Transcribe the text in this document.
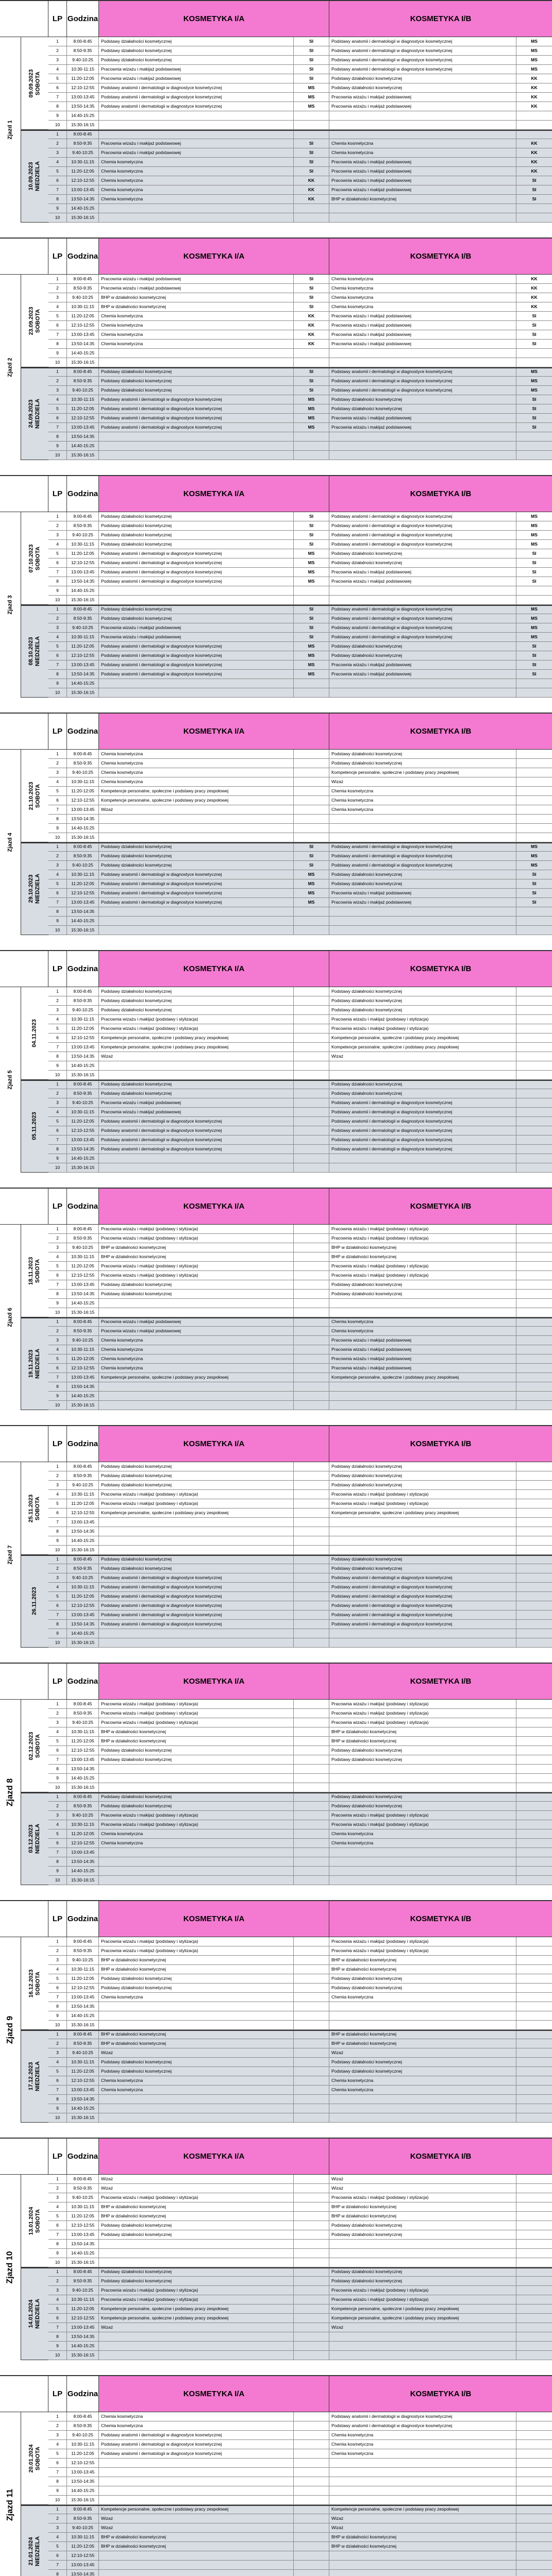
LP Godzina	KOSMETYKA I/A	KOSMETYKA I/B
Zjazd 1
09.09.2023 SOBOTA
1	8:00-8:45	Podstawy działalności kosmetycznej	SI	Podstawy anatomii i dermatologii w diagnostyce kosmetycznej	MS
2	8:50-9:35	Podstawy działalności kosmetycznej	SI	Podstawy anatomii i dermatologii w diagnostyce kosmetycznej	MS
3	9:40-10:25	Podstawy działalności kosmetycznej	SI	Podstawy anatomii i dermatologii w diagnostyce kosmetycznej	MS
4	10:30-11:15	Pracownia wizażu i makijaż podstawowej	SI	Podstawy anatomii i dermatologii w diagnostyce kosmetycznej	MS
5	11:20-12:05	Pracownia wizażu i makijaż podstawowej	SI	Podstawy działalności kosmetycznej	KK
6	12:10-12:55	Podstawy anatomii i dermatologii w diagnostyce kosmetycznej	MS	Podstawy działalności kosmetycznej	KK
7	13:00-13:45	Podstawy anatomii i dermatologii w diagnostyce kosmetycznej	MS	Pracownia wizażu i makijaż podstawowej	KK
8	13:50-14:35	Podstawy anatomii i dermatologii w diagnostyce kosmetycznej	MS	Pracownia wizażu i makijaż podstawowej	KK
9	14:40-15:25
10	15:30-16:15
10.09.2023 NIEDZIELA
1	8:00-8:45
2	8:50-9:35	Pracownia wizażu i makijaż podstawowej	SI	Chemia kosmetyczna	KK
3	9:40-10:25	Pracownia wizażu i makijaż podstawowej	SI	Chemia kosmetyczna	KK
4	10:30-11:15	Chemia kosmetyczna	SI	Pracownia wizażu i makijaż podstawowej	KK
5	11:20-12:05	Chemia kosmetyczna	SI	Pracownia wizażu i makijaż podstawowej	KK
6	12:10-12:55	Chemia kosmetyczna	KK	Pracownia wizażu i makijaż podstawowej	SI
7	13:00-13:45	Chemia kosmetyczna	KK	Pracownia wizażu i makijaż podstawowej	SI
8	13:50-14:35	Chemia kosmetyczna	KK	BHP w działalności kosmetycznej	SI
9	14:40-15:25
10	15:30-16:15
LP Godzina	KOSMETYKA I/A	KOSMETYKA I/B
Zjazd 2
23.09.2023 SOBOTA
1	8:00-8:45	Pracownia wizażu i makijaż podstawowej	SI	Chemia kosmetyczna	KK
2	8:50-9:35	Pracownia wizażu i makijaż podstawowej	SI	Chemia kosmetyczna	KK
3	9:40-10:25	BHP w działalności kosmetycznej	SI	Chemia kosmetyczna	KK
4	10:30-11:15	BHP w działalności kosmetycznej	SI	Chemia kosmetyczna	KK
5	11:20-12:05	Chemia kosmetyczna	KK	Pracownia wizażu i makijaż podstawowej	SI
6	12:10-12:55	Chemia kosmetyczna	KK	Pracownia wizażu i makijaż podstawowej	SI
7	13:00-13:45	Chemia kosmetyczna	KK	Pracownia wizażu i makijaż podstawowej	SI
8	13:50-14:35	Chemia kosmetyczna	KK	Pracownia wizażu i makijaż podstawowej	SI
9	14:40-15:25
10	15:30-16:15
24.09.2023 NIEDZIELA
1	8:00-8:45	Podstawy działalności kosmetycznej	SI	Podstawy anatomii i dermatologii w diagnostyce kosmetycznej	MS
2	8:50-9:35	Podstawy działalności kosmetycznej	SI	Podstawy anatomii i dermatologii w diagnostyce kosmetycznej	MS
3	9:40-10:25	Podstawy działalności kosmetycznej	SI	Podstawy anatomii i dermatologii w diagnostyce kosmetycznej	MS
4	10:30-11:15	Podstawy anatomii i dermatologii w diagnostyce kosmetycznej	MS	Podstawy działalności kosmetycznej	SI
5	11:20-12:05	Podstawy anatomii i dermatologii w diagnostyce kosmetycznej	MS	Podstawy działalności kosmetycznej	SI
6	12:10-12:55	Podstawy anatomii i dermatologii w diagnostyce kosmetycznej	MS	Pracownia wizażu i makijaż podstawowej	SI
7	13:00-13:45	Podstawy anatomii i dermatologii w diagnostyce kosmetycznej	MS	Pracownia wizażu i makijaż podstawowej	SI
8	13:50-14:35
9	14:40-15:25
10	15:30-16:15
LP Godzina	KOSMETYKA I/A	KOSMETYKA I/B
Zjazd 3
07.10.2023 SOBOTA
1	8:00-8:45	Podstawy działalności kosmetycznej	SI	Podstawy anatomii i dermatologii w diagnostyce kosmetycznej	MS
2	8:50-9:35	Podstawy działalności kosmetycznej	SI	Podstawy anatomii i dermatologii w diagnostyce kosmetycznej	MS
3	9:40-10:25	Podstawy działalności kosmetycznej	SI	Podstawy anatomii i dermatologii w diagnostyce kosmetycznej	MS
4	10:30-11:15	Podstawy działalności kosmetycznej	SI	Podstawy anatomii i dermatologii w diagnostyce kosmetycznej	MS
5	11:20-12:05	Podstawy anatomii i dermatologii w diagnostyce kosmetycznej	MS	Podstawy działalności kosmetycznej	SI
6	12:10-12:55	Podstawy anatomii i dermatologii w diagnostyce kosmetycznej	MS	Podstawy działalności kosmetycznej	SI
7	13:00-13:45	Podstawy anatomii i dermatologii w diagnostyce kosmetycznej	MS	Pracownia wizażu i makijaż podstawowej	SI
8	13:50-14:35	Podstawy anatomii i dermatologii w diagnostyce kosmetycznej	MS	Pracownia wizażu i makijaż podstawowej	SI
9	14:40-15:25
10	15:30-16:15
08.10.2023 NIEDZIELA
1	8:00-8:45	Podstawy działalności kosmetycznej	SI	Podstawy anatomii i dermatologii w diagnostyce kosmetycznej	MS
2	8:50-9:35	Podstawy działalności kosmetycznej	SI	Podstawy anatomii i dermatologii w diagnostyce kosmetycznej	MS
3	9:40-10:25	Pracownia wizażu i makijaż podstawowej	SI	Podstawy anatomii i dermatologii w diagnostyce kosmetycznej	MS
4	10:30-11:15	Pracownia wizażu i makijaż podstawowej	SI	Podstawy anatomii i dermatologii w diagnostyce kosmetycznej	MS
5	11:20-12:05	Podstawy anatomii i dermatologii w diagnostyce kosmetycznej	MS	Podstawy działalności kosmetycznej	SI
6	12:10-12:55	Podstawy anatomii i dermatologii w diagnostyce kosmetycznej	MS	Podstawy działalności kosmetycznej	SI
7	13:00-13:45	Podstawy anatomii i dermatologii w diagnostyce kosmetycznej	MS	Pracownia wizażu i makijaż podstawowej	SI
8	13:50-14:35	Podstawy anatomii i dermatologii w diagnostyce kosmetycznej	MS	Pracownia wizażu i makijaż podstawowej	SI
9	14:40-15:25
10	15:30-16:15
LP Godzina	KOSMETYKA I/A	KOSMETYKA I/B
Zjazd 4
21.10.2023 SOBOTA
1	8:00-8:45	Chemia kosmetyczna	Podstawy działalności kosmetycznej
2	8:50-9:35	Chemia kosmetyczna	Podstawy działalności kosmetycznej
3	9:40-10:25	Chemia kosmetyczna	Kompetencje personalne, społeczne i podstawy pracy zespołowej
4	10:30-11:15	Chemia kosmetyczna	Wizaż
5	11:20-12:05	Kompetencje personalne, społeczne i podstawy pracy zespołowej	Chemia kosmetyczna
6	12:10-12:55	Kompetencje personalne, społeczne i podstawy pracy zespołowej	Chemia kosmetyczna
7	13:00-13:45	Wizaż	Chemia kosmetyczna
8	13:50-14:35
9	14:40-15:25
10	15:30-16:15
29.10.2023 NIEDZIELA
1	8:00-8:45	Podstawy działalności kosmetycznej	SI	Podstawy anatomii i dermatologii w diagnostyce kosmetycznej	MS
2	8:50-9:35	Podstawy działalności kosmetycznej	SI	Podstawy anatomii i dermatologii w diagnostyce kosmetycznej	MS
3	9:40-10:25	Podstawy działalności kosmetycznej	SI	Podstawy anatomii i dermatologii w diagnostyce kosmetycznej	MS
4	10:30-11:15	Podstawy anatomii i dermatologii w diagnostyce kosmetycznej	MS	Podstawy działalności kosmetycznej	SI
5	11:20-12:05	Podstawy anatomii i dermatologii w diagnostyce kosmetycznej	MS	Podstawy działalności kosmetycznej	SI
6	12:10-12:55	Podstawy anatomii i dermatologii w diagnostyce kosmetycznej	MS	Pracownia wizażu i makijaż podstawowej	SI
7	13:00-13:45	Podstawy anatomii i dermatologii w diagnostyce kosmetycznej	MS	Pracownia wizażu i makijaż podstawowej	SI
8	13:50-14:35
9	14:40-15:25
10	15:30-16:15
LP Godzina	KOSMETYKA I/A	KOSMETYKA I/B
Zjazd 5
04.11.2023
1	8:00-8:45	Podstawy działalności kosmetycznej	Podstawy działalności kosmetycznej
2	8:50-9:35	Podstawy działalności kosmetycznej	Podstawy działalności kosmetycznej
3	9:40-10:25	Podstawy działalności kosmetycznej	Podstawy działalności kosmetycznej
4	10:30-11:15	Pracownia wizażu i makijaż (podstawy i stylizacja)	Pracownia wizażu i makijaż (podstawy i stylizacja)
5	11:20-12:05	Pracownia wizażu i makijaż (podstawy i stylizacja)	Pracownia wizażu i makijaż (podstawy i stylizacja)
6	12:10-12:55	Kompetencje personalne, społeczne i podstawy pracy zespołowej	Kompetencje personalne, społeczne i podstawy pracy zespołowej
7	13:00-13:45	Kompetencje personalne, społeczne i podstawy pracy zespołowej	Kompetencje personalne, społeczne i podstawy pracy zespołowej
8	13:50-14:35	Wizaż	Wizaż
9	14:40-15:25
10	15:30-16:15
05.11.2023
1	8:00-8:45	Podstawy działalności kosmetycznej	Podstawy działalności kosmetycznej
2	8:50-9:35	Podstawy działalności kosmetycznej	Podstawy działalności kosmetycznej
3	9:40-10:25	Pracownia wizażu i makijaż podstawowej	Podstawy anatomii i dermatologii w diagnostyce kosmetycznej
4	10:30-11:15	Pracownia wizażu i makijaż podstawowej	Podstawy anatomii i dermatologii w diagnostyce kosmetycznej
5	11:20-12:05	Podstawy anatomii i dermatologii w diagnostyce kosmetycznej	Podstawy anatomii i dermatologii w diagnostyce kosmetycznej
6	12:10-12:55	Podstawy anatomii i dermatologii w diagnostyce kosmetycznej	Podstawy anatomii i dermatologii w diagnostyce kosmetycznej
7	13:00-13:45	Podstawy anatomii i dermatologii w diagnostyce kosmetycznej	Podstawy anatomii i dermatologii w diagnostyce kosmetycznej
8	13:50-14:35	Podstawy anatomii i dermatologii w diagnostyce kosmetycznej	Podstawy anatomii i dermatologii w diagnostyce kosmetycznej
9	14:40-15:25
10	15:30-16:15
LP Godzina	KOSMETYKA I/A	KOSMETYKA I/B
Zjazd 6
18.11.2023 SOBOTA
1	8:00-8:45	Pracownia wizażu i makijaż (podstawy i stylizacja)	Pracownia wizażu i makijaż (podstawy i stylizacja)
2	8:50-9:35	Pracownia wizażu i makijaż (podstawy i stylizacja)	Pracownia wizażu i makijaż (podstawy i stylizacja)
3	9:40-10:25	BHP w działalności kosmetycznej	BHP w działalności kosmetycznej
4	10:30-11:15	BHP w działalności kosmetycznej	BHP w działalności kosmetycznej
5	11:20-12:05	Pracownia wizażu i makijaż (podstawy i stylizacja)	Pracownia wizażu i makijaż (podstawy i stylizacja)
6	12:10-12:55	Pracownia wizażu i makijaż (podstawy i stylizacja)	Pracownia wizażu i makijaż (podstawy i stylizacja)
7	13:00-13:45	Podstawy działalności kosmetycznej	Podstawy działalności kosmetycznej
8	13:50-14:35	Podstawy działalności kosmetycznej	Podstawy działalności kosmetycznej
9	14:40-15:25
10	15:30-16:15
19.11.2023 NIEDZIELA
1	8:00-8:45	Pracownia wizażu i makijaż podstawowej	Chemia kosmetyczna
2	8:50-9:35	Pracownia wizażu i makijaż podstawowej	Chemia kosmetyczna
3	9:40-10:25	Chemia kosmetyczna	Pracownia wizażu i makijaż podstawowej
4	10:30-11:15	Chemia kosmetyczna	Pracownia wizażu i makijaż podstawowej
5	11:20-12:05	Chemia kosmetyczna	Pracownia wizażu i makijaż podstawowej
6	12:10-12:55	Chemia kosmetyczna	Pracownia wizażu i makijaż podstawowej
7	13:00-13:45	Kompetencje personalne, społeczne i podstawy pracy zespołowej	Kompetencje personalne, społeczne i podstawy pracy zespołowej
8	13:50-14:35
9	14:40-15:25
10	15:30-16:15
LP Godzina	KOSMETYKA I/A	KOSMETYKA I/B
Zjazd 7
25.11.2023 SOBOTA
1	8:00-8:45	Podstawy działalności kosmetycznej	Podstawy działalności kosmetycznej
2	8:50-9:35	Podstawy działalności kosmetycznej	Podstawy działalności kosmetycznej
3	9:40-10:25	Podstawy działalności kosmetycznej	Podstawy działalności kosmetycznej
4	10:30-11:15	Pracownia wizażu i makijaż (podstawy i stylizacja)	Pracownia wizażu i makijaż (podstawy i stylizacja)
5	11:20-12:05	Pracownia wizażu i makijaż (podstawy i stylizacja)	Pracownia wizażu i makijaż (podstawy i stylizacja)
6	12:10-12:55	Kompetencje personalne, społeczne i podstawy pracy zespołowej	Kompetencje personalne, społeczne i podstawy pracy zespołowej
7	13:00-13:45
8	13:50-14:35
9	14:40-15:25
10	15:30-16:15
26.11.2023
1	8:00-8:45	Podstawy działalności kosmetycznej	Podstawy działalności kosmetycznej
2	8:50-9:35	Podstawy działalności kosmetycznej	Podstawy działalności kosmetycznej
3	9:40-10:25	Podstawy anatomii i dermatologii w diagnostyce kosmetycznej	Podstawy anatomii i dermatologii w diagnostyce kosmetycznej
4	10:30-11:15	Podstawy anatomii i dermatologii w diagnostyce kosmetycznej	Podstawy anatomii i dermatologii w diagnostyce kosmetycznej
5	11:20-12:05	Podstawy anatomii i dermatologii w diagnostyce kosmetycznej	Podstawy anatomii i dermatologii w diagnostyce kosmetycznej
6	12:10-12:55	Podstawy anatomii i dermatologii w diagnostyce kosmetycznej	Podstawy anatomii i dermatologii w diagnostyce kosmetycznej
7	13:00-13:45	Podstawy anatomii i dermatologii w diagnostyce kosmetycznej	Podstawy anatomii i dermatologii w diagnostyce kosmetycznej
8	13:50-14:35	Podstawy anatomii i dermatologii w diagnostyce kosmetycznej	Podstawy anatomii i dermatologii w diagnostyce kosmetycznej
9	14:40-15:25
10	15:30-16:15
LP Godzina	KOSMETYKA I/A	KOSMETYKA I/B
Zjazd 8
02.12.2023 SOBOTA
1	8:00-8:45	Pracownia wizażu i makijaż (podstawy i stylizacja)	Pracownia wizażu i makijaż (podstawy i stylizacja)
2	8:50-9:35	Pracownia wizażu i makijaż (podstawy i stylizacja)	Pracownia wizażu i makijaż (podstawy i stylizacja)
3	9:40-10:25	Pracownia wizażu i makijaż (podstawy i stylizacja)	Pracownia wizażu i makijaż (podstawy i stylizacja)
4	10:30-11:15	BHP w działalności kosmetycznej	BHP w działalności kosmetycznej
5	11:20-12:05	BHP w działalności kosmetycznej	BHP w działalności kosmetycznej
6	12:10-12:55	Podstawy działalności kosmetycznej	Podstawy działalności kosmetycznej
7	13:00-13:45	Podstawy działalności kosmetycznej	Podstawy działalności kosmetycznej
8	13:50-14:35
9	14:40-15:25
10	15:30-16:15
03.12.2023 NIEDZIELA
1	8:00-8:45	Podstawy działalności kosmetycznej	Podstawy działalności kosmetycznej
2	8:50-9:35	Podstawy działalności kosmetycznej	Podstawy działalności kosmetycznej
3	9:40-10:25	Pracownia wizażu i makijaż (podstawy i stylizacja)	Pracownia wizażu i makijaż (podstawy i stylizacja)
4	10:30-11:15	Pracownia wizażu i makijaż (podstawy i stylizacja)	Pracownia wizażu i makijaż (podstawy i stylizacja)
5	11:20-12:05	Chemia kosmetyczna	Chemia kosmetyczna
6	12:10-12:55	Chemia kosmetyczna	Chemia kosmetyczna
7	13:00-13:45
8	13:50-14:35
9	14:40-15:25
10	15:30-16:15
LP Godzina	KOSMETYKA I/A	KOSMETYKA I/B
Zjazd 9
16.12.2023 SOBOTA
1	8:00-8:45	Pracownia wizażu i makijaż (podstawy i stylizacja)	Pracownia wizażu i makijaż (podstawy i stylizacja)
2	8:50-9:35	Pracownia wizażu i makijaż (podstawy i stylizacja)	Pracownia wizażu i makijaż (podstawy i stylizacja)
3	9:40-10:25	BHP w działalności kosmetycznej	BHP w działalności kosmetycznej
4	10:30-11:15	BHP w działalności kosmetycznej	BHP w działalności kosmetycznej
5	11:20-12:05	Podstawy działalności kosmetycznej	Podstawy działalności kosmetycznej
6	12:10-12:55	Podstawy działalności kosmetycznej	Podstawy działalności kosmetycznej
7	13:00-13:45	Chemia kosmetyczna	Chemia kosmetyczna
8	13:50-14:35
9	14:40-15:25
10	15:30-16:15
17.12.2023 NIEDZIELA
1	8:00-8:45	BHP w działalności kosmetycznej	BHP w działalności kosmetycznej
2	8:50-9:35	BHP w działalności kosmetycznej	BHP w działalności kosmetycznej
3	9:40-10:25	Wizaż	Wizaż
4	10:30-11:15	Podstawy działalności kosmetycznej	Podstawy działalności kosmetycznej
5	11:20-12:05	Podstawy działalności kosmetycznej	Podstawy działalności kosmetycznej
6	12:10-12:55	Chemia kosmetyczna	Chemia kosmetyczna
7	13:00-13:45	Chemia kosmetyczna	Chemia kosmetyczna
8	13:50-14:35
9	14:40-15:25
10	15:30-16:15
LP Godzina	KOSMETYKA I/A	KOSMETYKA I/B
Zjazd 10
13.01.2024 SOBOTA
1	8:00-8:45	Wizaż	Wizaż
2	8:50-9:35	Wizaż	Wizaż
3	9:40-10:25	Pracownia wizażu i makijaż (podstawy i stylizacja)	Pracownia wizażu i makijaż (podstawy i stylizacja)
4	10:30-11:15	BHP w działalności kosmetycznej	BHP w działalności kosmetycznej
5	11:20-12:05	BHP w działalności kosmetycznej	BHP w działalności kosmetycznej
6	12:10-12:55	Podstawy działalności kosmetycznej	Podstawy działalności kosmetycznej
7	13:00-13:45	Podstawy działalności kosmetycznej	Podstawy działalności kosmetycznej
8	13:50-14:35
9	14:40-15:25
10	15:30-16:15
14.01.2024 NIEDZIELA
1	8:00-8:45	Podstawy działalności kosmetycznej	Podstawy działalności kosmetycznej
2	8:50-9:35	Podstawy działalności kosmetycznej	Podstawy działalności kosmetycznej
3	9:40-10:25	Pracownia wizażu i makijaż (podstawy i stylizacja)	Pracownia wizażu i makijaż (podstawy i stylizacja)
4	10:30-11:15	Pracownia wizażu i makijaż (podstawy i stylizacja)	Pracownia wizażu i makijaż (podstawy i stylizacja)
5	11:20-12:05	Kompetencje personalne, społeczne i podstawy pracy zespołowej	Kompetencje personalne, społeczne i podstawy pracy zespołowej
6	12:10-12:55	Kompetencje personalne, społeczne i podstawy pracy zespołowej	Kompetencje personalne, społeczne i podstawy pracy zespołowej
7	13:00-13:45	Wizaż	Wizaż
8	13:50-14:35
9	14:40-15:25
10	15:30-16:15
LP Godzina	KOSMETYKA I/A	KOSMETYKA I/B
Zjazd 11
20.01.2024 SOBOTA
1	8:00-8:45	Chemia kosmetyczna	Podstawy anatomii i dermatologii w diagnostyce kosmetycznej
2	8:50-9:35	Chemia kosmetyczna	Podstawy anatomii i dermatologii w diagnostyce kosmetycznej
3	9:40-10:25	Podstawy anatomii i dermatologii w diagnostyce kosmetycznej	Chemia kosmetyczna
4	10:30-11:15	Podstawy anatomii i dermatologii w diagnostyce kosmetycznej	Chemia kosmetyczna
5	11:20-12:05	Podstawy anatomii i dermatologii w diagnostyce kosmetycznej	Chemia kosmetyczna
6	12:10-12:55
7	13:00-13:45
8	13:50-14:35
9	14:40-15:25
10	15:30-16:15
21.01.2024 NIEDZIELA
1	8:00-8:45	Kompetencje personalne, społeczne i podstawy pracy zespołowej	Kompetencje personalne, społeczne i podstawy pracy zespołowej
2	8:50-9:35	Wizaż	Wizaż
3	9:40-10:25	Wizaż	Wizaż
4	10:30-11:15	BHP w działalności kosmetycznej	BHP w działalności kosmetycznej
5	11:20-12:05	BHP w działalności kosmetycznej	BHP w działalności kosmetycznej
6	12:10-12:55
7	13:00-13:45
8	13:50-14:35
